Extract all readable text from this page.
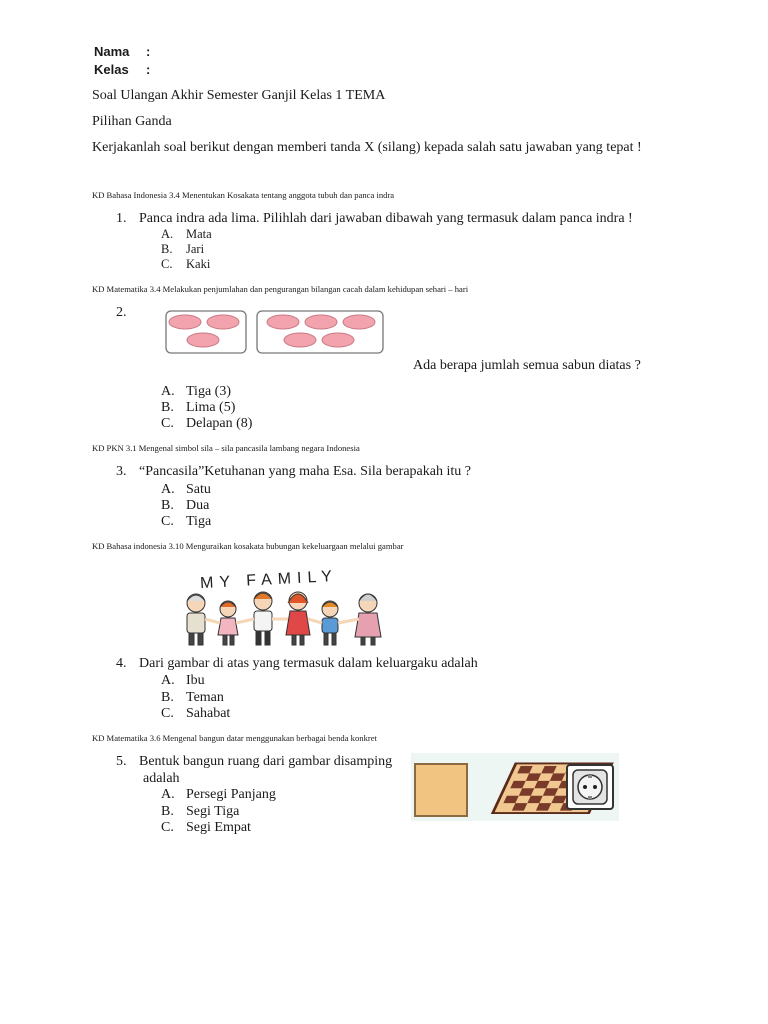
Nama :
Kelas :
Soal Ulangan Akhir Semester Ganjil Kelas 1 TEMA
Pilihan Ganda
Kerjakanlah soal berikut dengan memberi tanda X (silang) kepada salah satu jawaban yang tepat !
KD Bahasa Indonesia 3.4 Menentukan Kosakata tentang anggota tubuh dan panca indra
1. Panca indra ada lima. Pilihlah dari jawaban dibawah yang termasuk dalam panca indra !
A. Mata
B. Jari
C. Kaki
KD Matematika 3.4 Melakukan penjumlahan dan pengurangan bilangan cacah dalam kehidupan sehari – hari
2.
Ada berapa jumlah semua sabun diatas ?
A. Tiga (3)
B. Lima (5)
C. Delapan (8)
KD PKN 3.1 Mengenal simbol sila – sila pancasila lambang negara Indonesia
3. “Pancasila”Ketuhanan yang maha Esa. Sila berapakah itu ?
A. Satu
B. Dua
C. Tiga
KD Bahasa indonesia 3.10 Menguraikan kosakata hubungan kekeluargaan melalui gambar
MY FAMILY
4. Dari gambar di atas yang termasuk dalam keluargaku adalah
A. Ibu
B. Teman
C. Sahabat
KD Matematika 3.6 Mengenal bangun datar menggunakan berbagai benda konkret
5. Bentuk bangun ruang dari gambar disamping
adalah
A. Persegi Panjang
B. Segi Tiga
C. Segi Empat
